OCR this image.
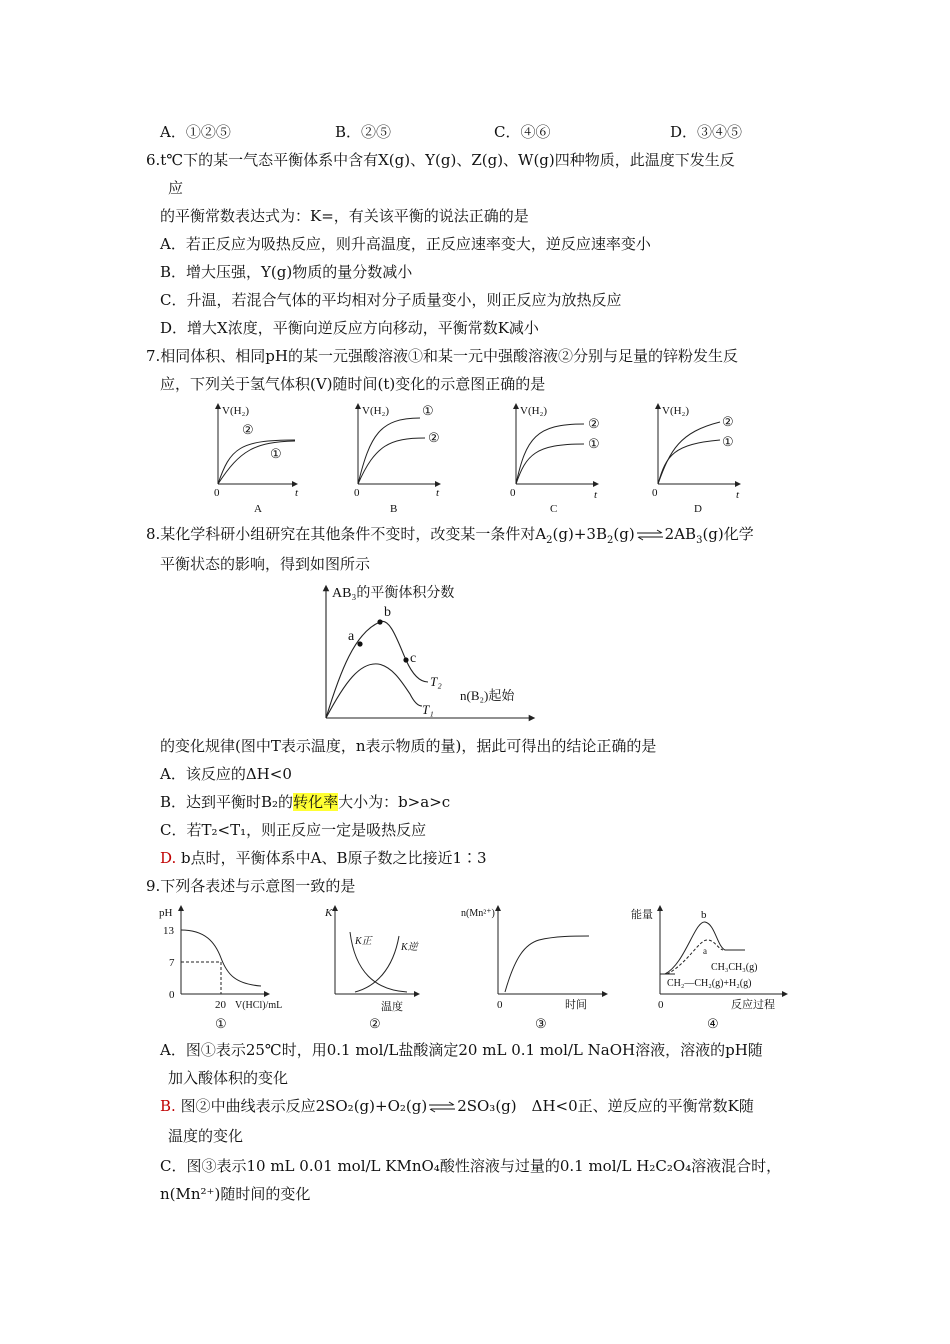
A．①②⑤	B．②⑤	C．④⑥	D．③④⑤
6.t℃下的某一气态平衡体系中含有X(g)、Y(g)、Z(g)、W(g)四种物质，此温度下发生反
应
的平衡常数表达式为：K=，有关该平衡的说法正确的是
A．若正反应为吸热反应，则升高温度，正反应速率变大，逆反应速率变小
B．增大压强，Y(g)物质的量分数减小
C．升温，若混合气体的平均相对分子质量变小，则正反应为放热反应
D．增大X浓度，平衡向逆反应方向移动，平衡常数K减小
7.相同体积、相同pH的某一元强酸溶液①和某一元中强酸溶液②分别与足量的锌粉发生反
应，下列关于氢气体积(V)随时间(t)变化的示意图正确的是
V(H₂)
t
0
②
①
A
V(H₂)
t
0
①
②
B
V(H₂)
t
0
②
①
C
V(H₂)
t
0
②
①
D
8.某化学科研小组研究在其他条件不变时，改变某一条件对$A_2(g)+3B_2(g)\rightleftharpoons 2AB_3(g)$化学
平衡状态的影响，得到如图所示
AB₃的平衡体积分数
n(B₂)起始
a
b
c
T₂
T₁
的变化规律(图中T表示温度，n表示物质的量)，据此可得出的结论正确的是
A．该反应的ΔH<0
B．达到平衡时B₂的转化率大小为：b>a>c
C．若T₂<T₁，则正反应一定是吸热反应
D. b点时，平衡体系中A、B原子数之比接近1∶3
9.下列各表述与示意图一致的是
pH
13
7
0
20 V(HCl)/mL
①
K
K正
K逆
温度
②
n(Mn²⁺)
0	时间
③
能量	b
a
CH₃CH₃(g)
CH₂—CH₂(g)+H₂(g)
0	反应过程
④
A．图①表示25℃时，用0.1 mol/L盐酸滴定20 mL 0.1 mol/L NaOH溶液，溶液的pH随
加入酸体积的变化
B. 图②中曲线表示反应2SO₂(g)+O₂(g)⇌2SO₃(g)　ΔH<0正、逆反应的平衡常数K随
温度的变化
C．图③表示10 mL 0.01 mol/L KMnO₄酸性溶液与过量的0.1 mol/L H₂C₂O₄溶液混合时，
n(Mn²⁺)随时间的变化
